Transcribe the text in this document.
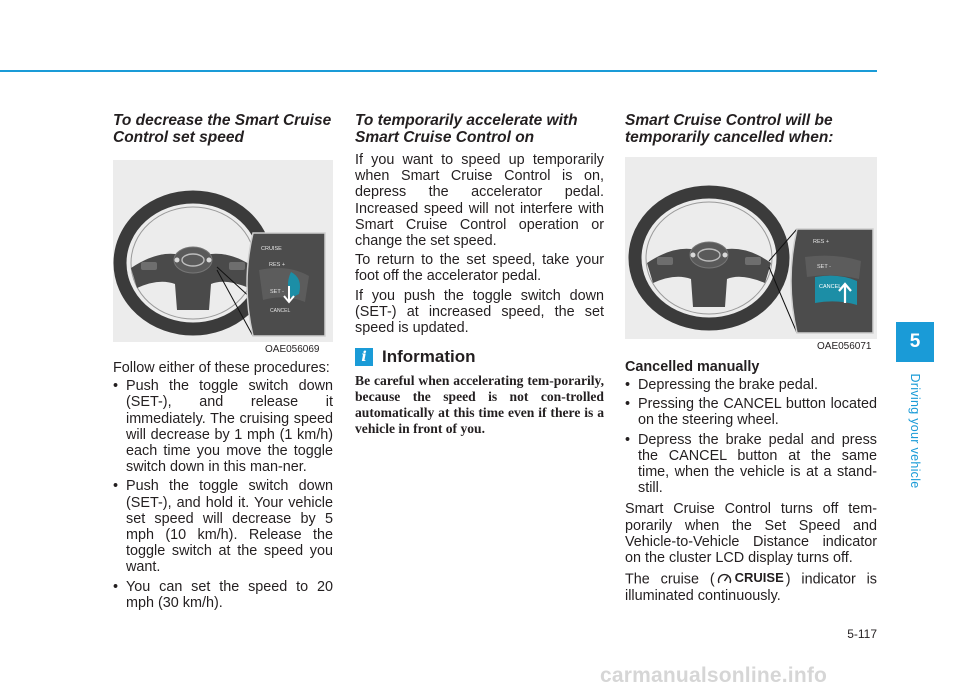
To decrease the Smart Cruise Control set speed
CRUISE
RES +
SET -
CANCEL
OAE056069

Follow either of these procedures:

• Push the toggle switch down (SET-), and release it immediately. The cruising speed will decrease by 1 mph (1 km/h) each time you move the toggle switch down in this man-ner.
• Push the toggle switch down (SET-), and hold it. Your vehicle set speed will decrease by 5 mph (10 km/h). Release the toggle switch at the speed you want.
• You can set the speed to 20 mph (30 km/h).
To temporarily accelerate with Smart Cruise Control on

If you want to speed up temporarily when Smart Cruise Control is on, depress the accelerator pedal. Increased speed will not interfere with Smart Cruise Control operation or change the set speed.

To return to the set speed, take your foot off the accelerator pedal.

If you push the toggle switch down (SET-) at increased speed, the set speed is updated.

i Information

Be careful when accelerating tem-porarily, because the speed is not con-trolled automatically at this time even if there is a vehicle in front of you.

Smart Cruise Control will be temporarily cancelled when:
RES +
SET -
CANCEL
OAE056071

Cancelled manually

• Depressing the brake pedal.
• Pressing the CANCEL button located on the steering wheel.
• Depress the brake pedal and press the CANCEL button at the same time, when the vehicle is at a stand-still.

Smart Cruise Control turns off tem-porarily when the Set Speed and Vehicle-to-Vehicle Distance indicator on the cluster LCD display turns off.

The cruise ( CRUISE ) indicator is illuminated continuously.

5
Driving your vehicle
5-117
carmanualsonline.info
